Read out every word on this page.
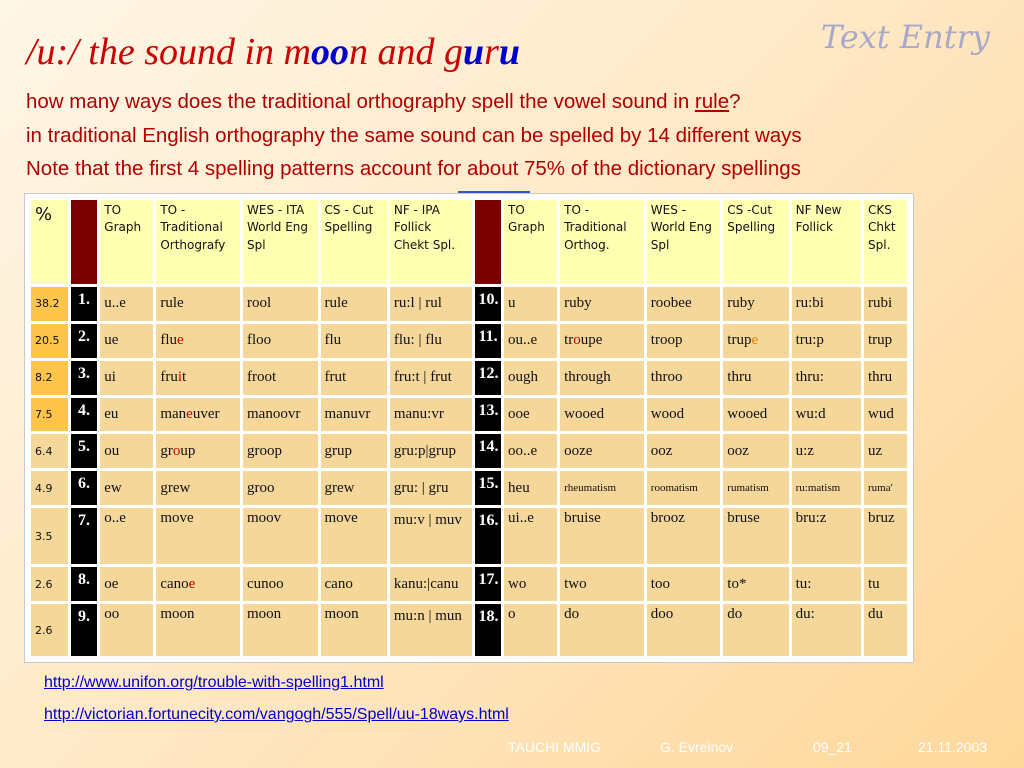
Text Entry
/u:/ the sound in moon and guru
how many ways does the traditional orthography spell the vowel sound in rule?
in traditional English orthography the same sound can be spelled by 14 different ways
Note that the first 4 spelling patterns account for about 75% of the dictionary spellings
%		TO Graph	TO - Traditional Orthografy	WES - ITA World Eng Spl	CS - Cut Spelling	NF - IPA Follick Chekt Spl.		TO Graph	TO - Traditional Orthog.	WES - World Eng Spl	CS -Cut Spelling	NF New Follick	CKS Chkt Spl.
38.2	1.	u..e	rule	rool	rule	ru:l | rul	10.	u	ruby	roobee	ruby	ru:bi	rubi
20.5	2.	ue	flue	floo	flu	flu: | flu	11.	ou..e	troupe	troop	trupe	tru:p	trup
8.2	3.	ui	fruit	froot	frut	fru:t | frut	12.	ough	through	throo	thru	thru:	thru
7.5	4.	eu	maneuver	manoovr	manuvr	manu:vr	13.	ooe	wooed	wood	wooed	wu:d	wud
6.4	5.	ou	group	groop	grup	gru:p|grup	14.	oo..e	ooze	ooz	ooz	u:z	uz
4.9	6.	ew	grew	groo	grew	gru: | gru	15.	heu	rheumatism	roomatism	rumatism	ru:matism	ruma'
3.5	7.	o..e	move	moov	move	mu:v | muv	16.	ui..e	bruise	brooz	bruse	bru:z	bruz
2.6	8.	oe	canoe	cunoo	cano	kanu:|canu	17.	wo	two	too	to*	tu:	tu
2.6	9.	oo	moon	moon	moon	mu:n | mun	18.	o	do	doo	do	du:	du
http://www.unifon.org/trouble-with-spelling1.html
http://victorian.fortunecity.com/vangogh/555/Spell/uu-18ways.html
TAUCHI MMIG	G. Evreinov	09_21	21.11.2003
